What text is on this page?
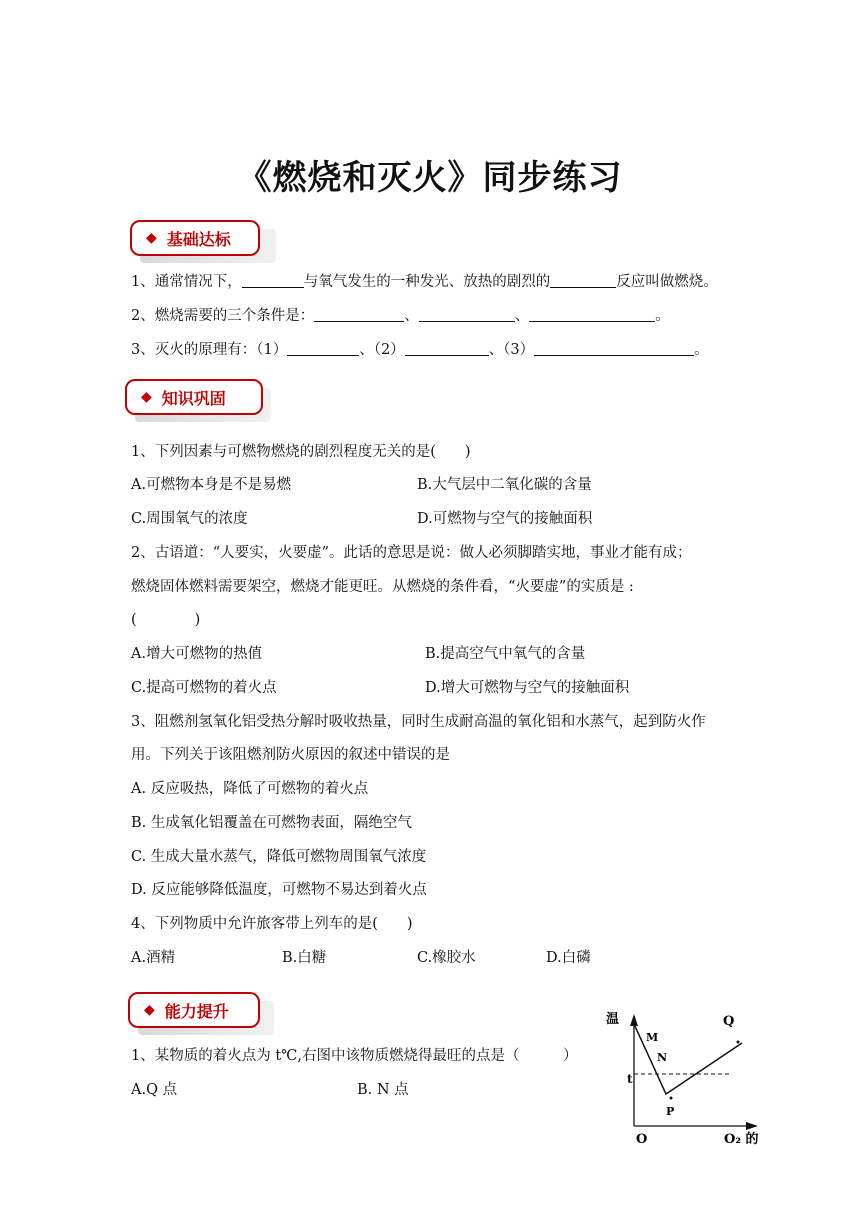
《燃烧和灭火》同步练习
◆ 基础达标
1、通常情况下，	与氧气发生的一种发光、放热的剧烈的	反应叫做燃烧。
2、燃烧需要的三个条件是：	、	、	。
3、灭火的原理有：（1）	、（2）	、（3）	。
◆ 知识巩固
1、下列因素与可燃物燃烧的剧烈程度无关的是(　　)
A.可燃物本身是不是易燃	B.大气层中二氧化碳的含量
C.周围氧气的浓度	D.可燃物与空气的接触面积
2、古语道：“人要实，火要虚”。此话的意思是说：做人必须脚踏实地，事业才能有成；
燃烧固体燃料需要架空，燃烧才能更旺。从燃烧的条件看，“火要虚”的实质是 :
(　　　　)
A.增大可燃物的热值	B.提高空气中氧气的含量
C.提高可燃物的着火点	D.增大可燃物与空气的接触面积
3、阻燃剂氢氧化铝受热分解时吸收热量，同时生成耐高温的氧化铝和水蒸气，起到防火作
用。下列关于该阻燃剂防火原因的叙述中错误的是
A. 反应吸热，降低了可燃物的着火点
B. 生成氧化铝覆盖在可燃物表面，隔绝空气
C. 生成大量水蒸气，降低可燃物周围氧气浓度
D. 反应能够降低温度，可燃物不易达到着火点
4、下列物质中允许旅客带上列车的是(　　)
A.酒精	B.白糖	C.橡胶水	D.白磷
◆ 能力提升
1、某物质的着火点为 t℃,右图中该物质燃烧得最旺的点是（　　　）
A.Q 点	B. N 点
温
O₂ 的
O
t
M
N
P
Q
